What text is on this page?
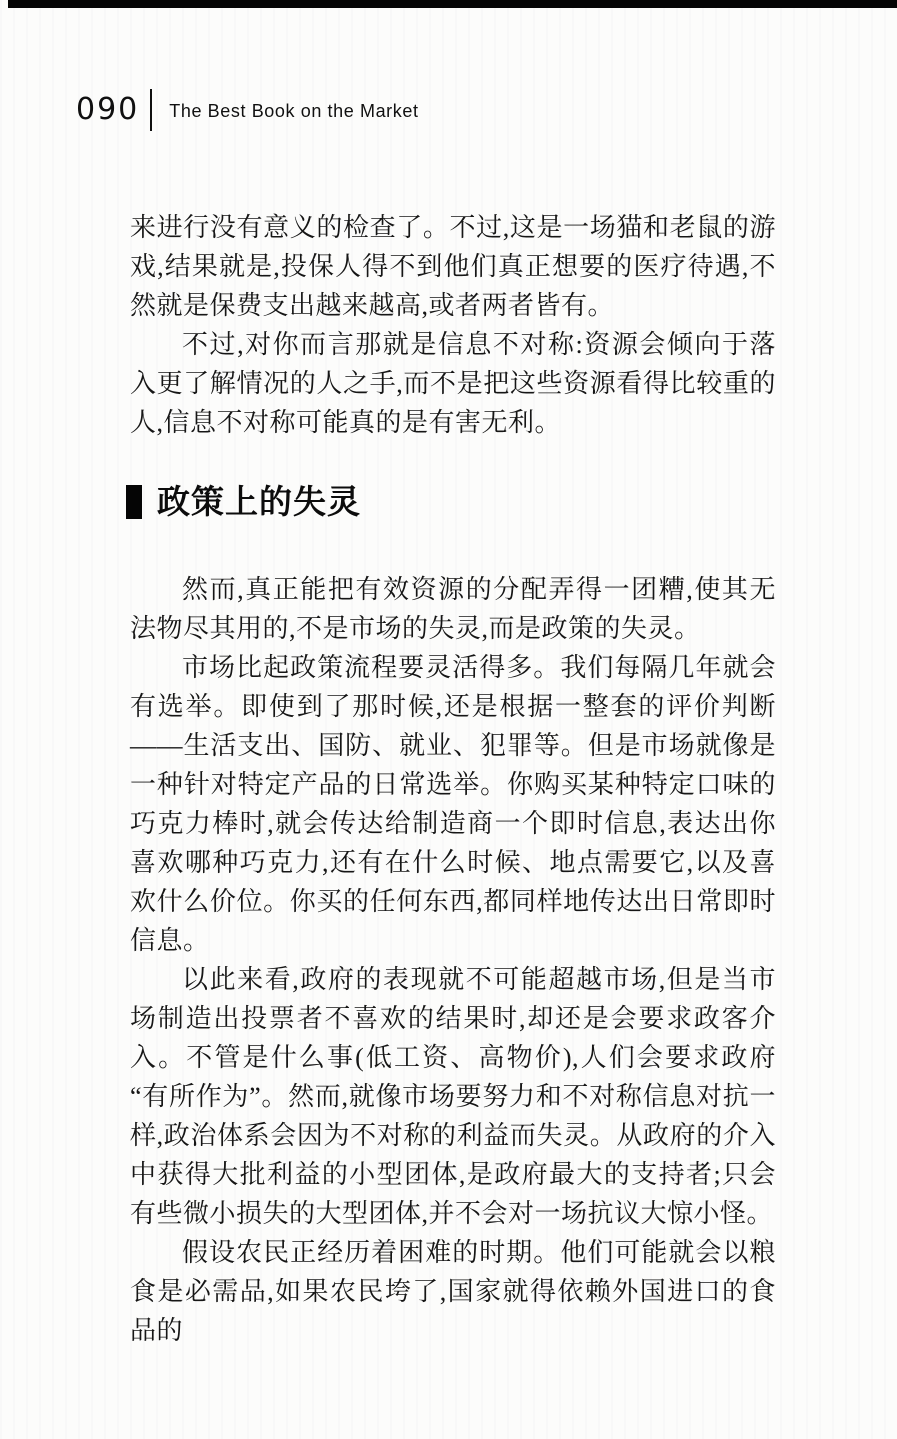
090 The Best Book on the Market

来进行没有意义的检查了。不过,这是一场猫和老鼠的游戏,结果就是,投保人得不到他们真正想要的医疗待遇,不然就是保费支出越来越高,或者两者皆有。

不过,对你而言那就是信息不对称:资源会倾向于落入更了解情况的人之手,而不是把这些资源看得比较重的人,信息不对称可能真的是有害无利。

政策上的失灵

然而,真正能把有效资源的分配弄得一团糟,使其无法物尽其用的,不是市场的失灵,而是政策的失灵。

市场比起政策流程要灵活得多。我们每隔几年就会有选举。即使到了那时候,还是根据一整套的评价判断——生活支出、国防、就业、犯罪等。但是市场就像是一种针对特定产品的日常选举。你购买某种特定口味的巧克力棒时,就会传达给制造商一个即时信息,表达出你喜欢哪种巧克力,还有在什么时候、地点需要它,以及喜欢什么价位。你买的任何东西,都同样地传达出日常即时信息。

以此来看,政府的表现就不可能超越市场,但是当市场制造出投票者不喜欢的结果时,却还是会要求政客介入。不管是什么事(低工资、高物价),人们会要求政府“有所作为”。然而,就像市场要努力和不对称信息对抗一样,政治体系会因为不对称的利益而失灵。从政府的介入中获得大批利益的小型团体,是政府最大的支持者;只会有些微小损失的大型团体,并不会对一场抗议大惊小怪。

假设农民正经历着困难的时期。他们可能就会以粮食是必需品,如果农民垮了,国家就得依赖外国进口的食品的
